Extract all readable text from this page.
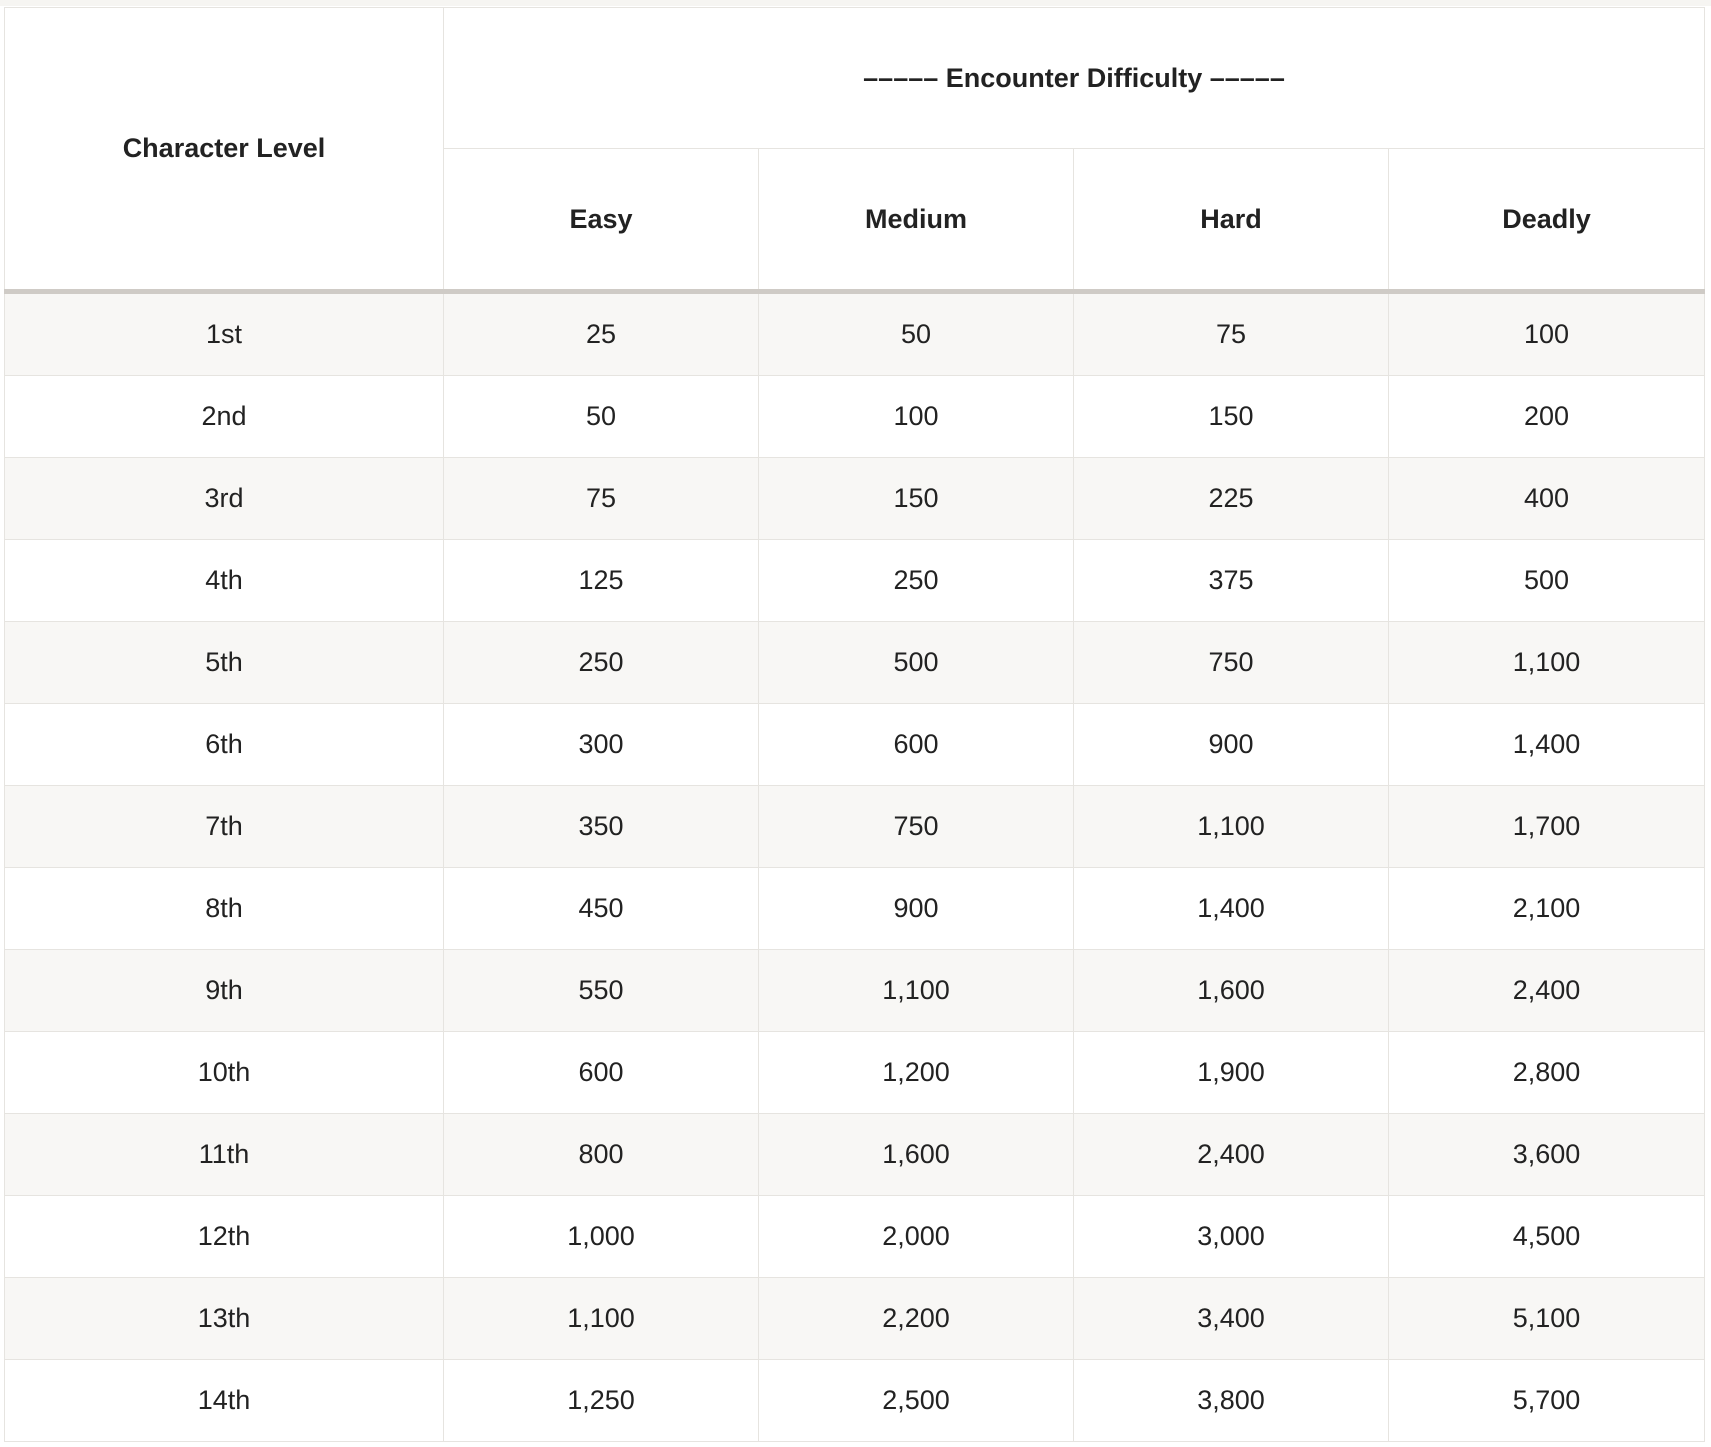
Character Level	––––– Encounter Difficulty –––––			
	Easy	Medium	Hard	Deadly
1st	25	50	75	100
2nd	50	100	150	200
3rd	75	150	225	400
4th	125	250	375	500
5th	250	500	750	1,100
6th	300	600	900	1,400
7th	350	750	1,100	1,700
8th	450	900	1,400	2,100
9th	550	1,100	1,600	2,400
10th	600	1,200	1,900	2,800
11th	800	1,600	2,400	3,600
12th	1,000	2,000	3,000	4,500
13th	1,100	2,200	3,400	5,100
14th	1,250	2,500	3,800	5,700
